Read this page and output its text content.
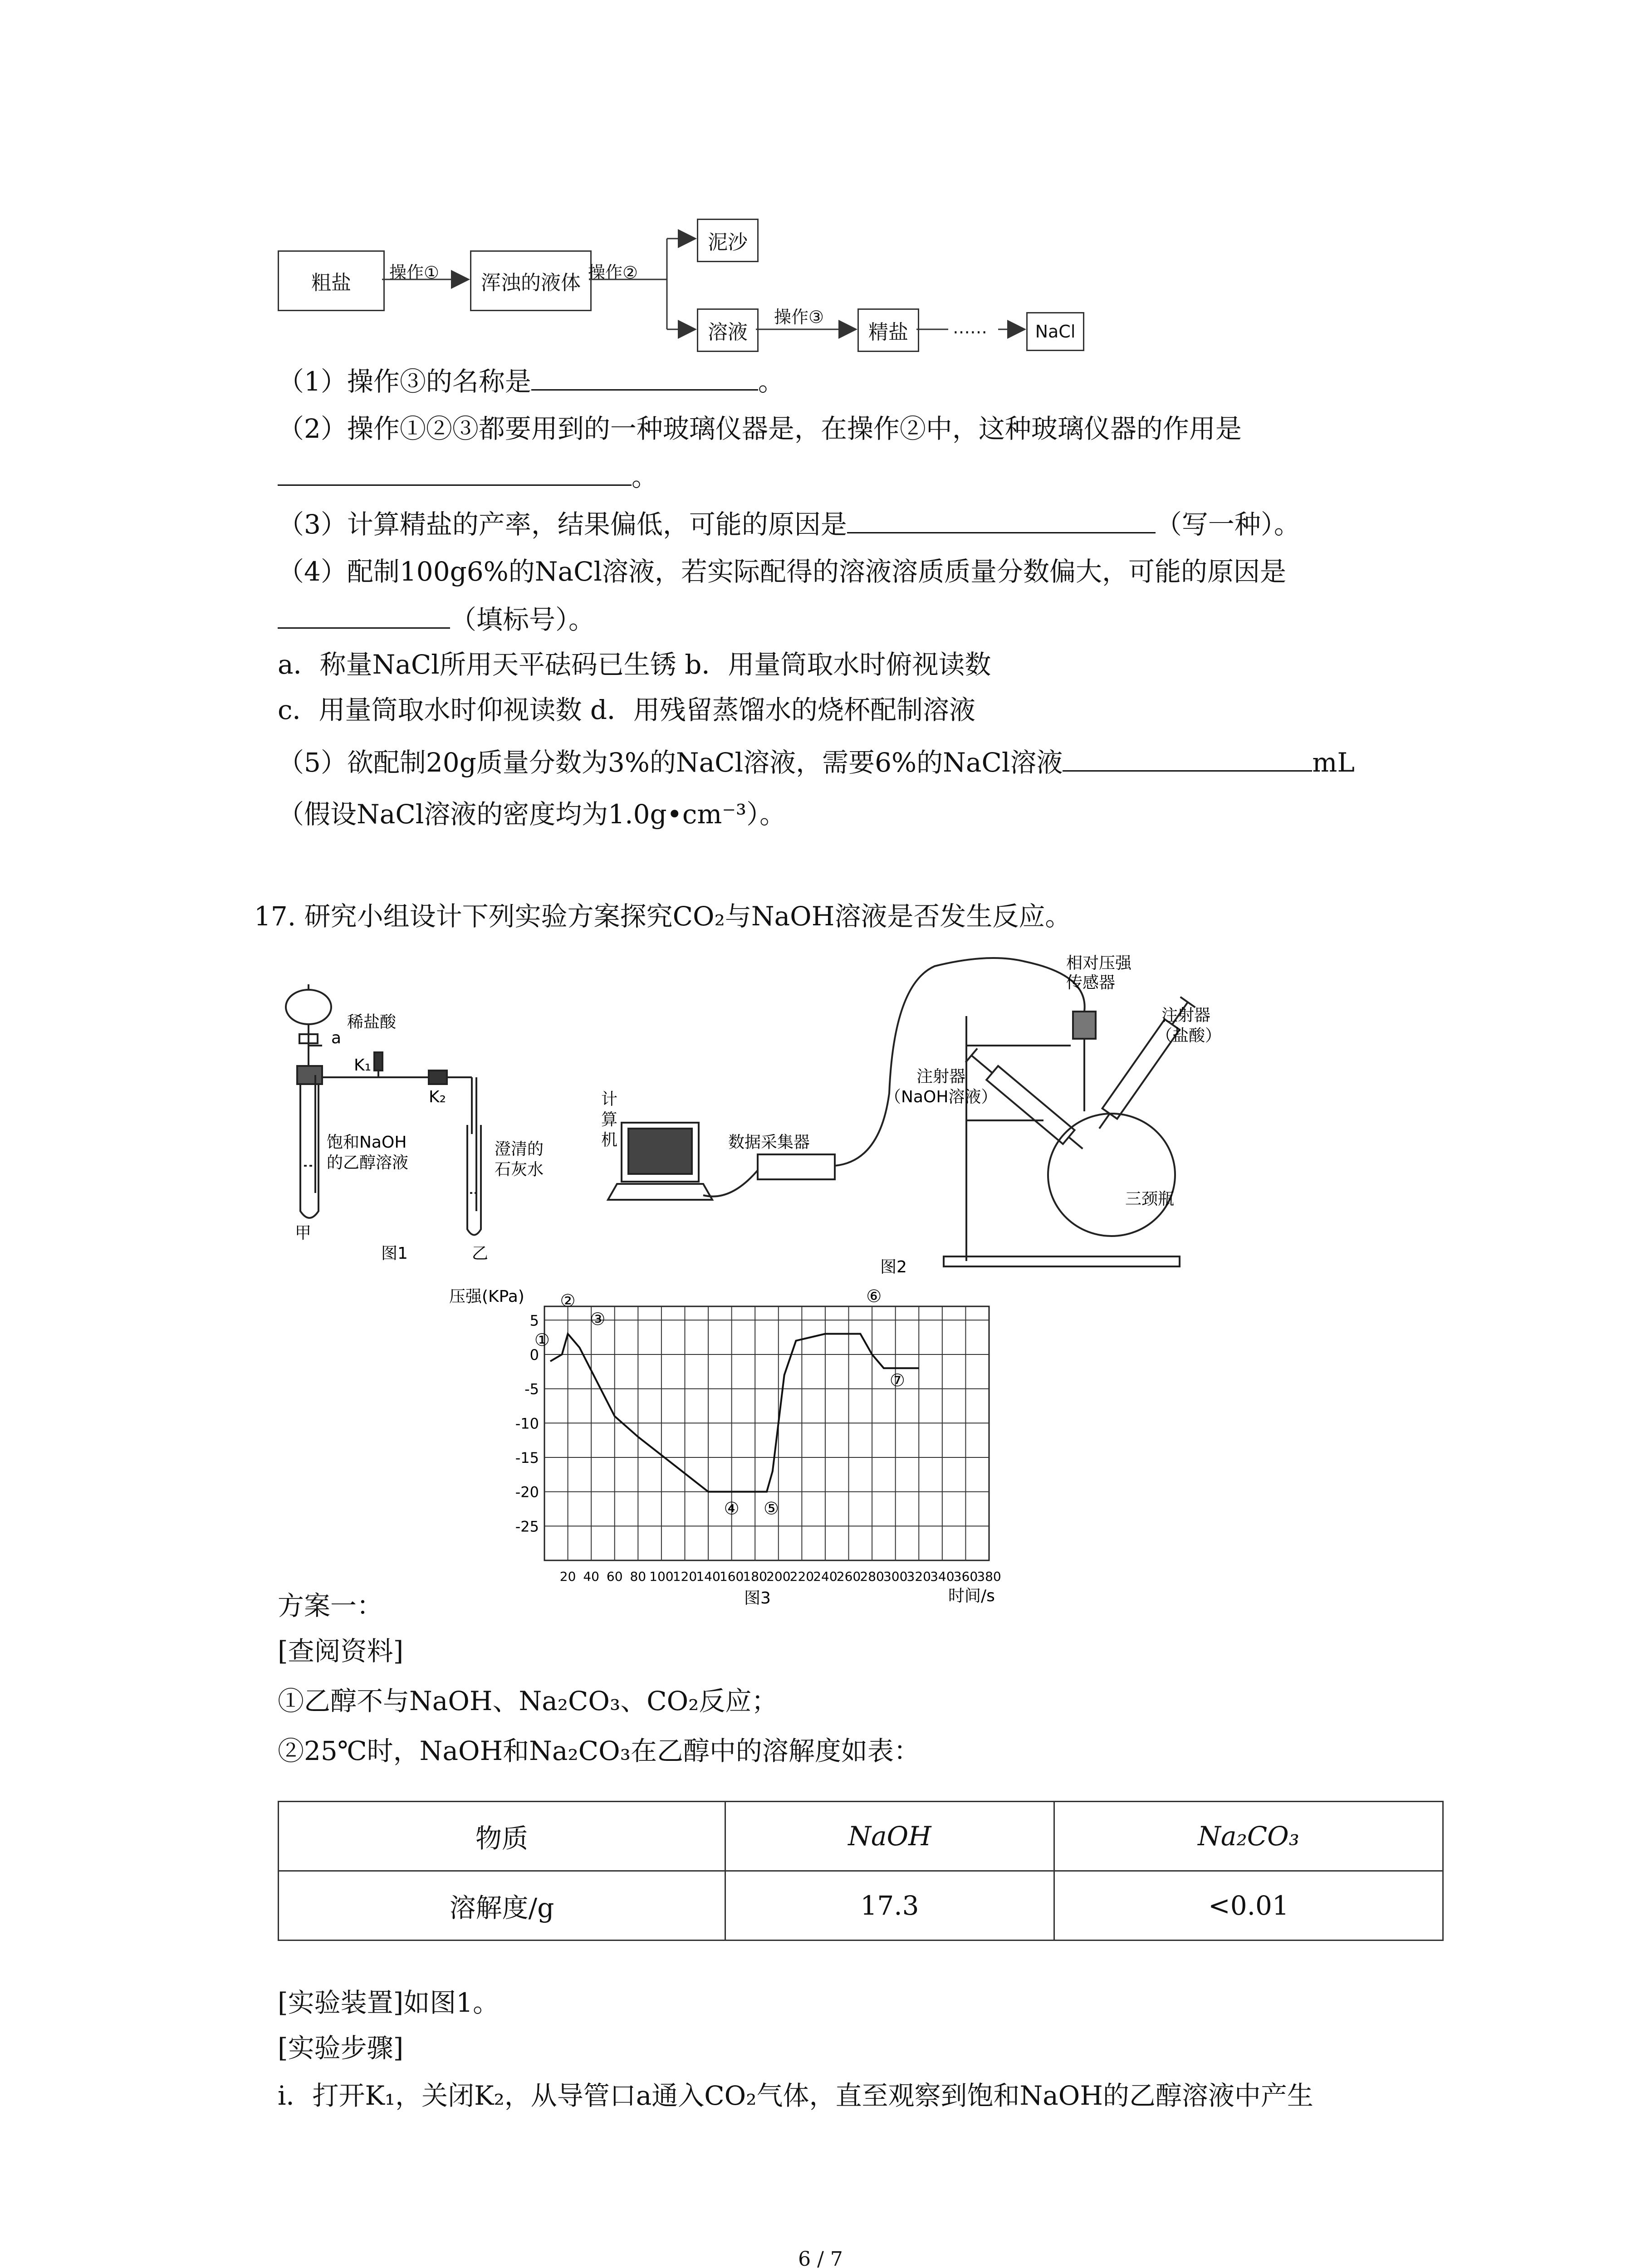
粗盐	浑浊的液体
泥沙
溶液	精盐	NaCl
操作①	操作②
操作③
……
（1）操作③的名称是	。
（2）操作①②③都要用到的一种玻璃仪器是，在操作②中，这种玻璃仪器的作用是
。
（3）计算精盐的产率，结果偏低，可能的原因是	（写一种）。
（4）配制100g6%的NaCl溶液，若实际配得的溶液溶质质量分数偏大，可能的原因是
（填标号）。
a．称量NaCl所用天平砝码已生锈 b．用量筒取水时俯视读数
c．用量筒取水时仰视读数 d．用残留蒸馏水的烧杯配制溶液
（5）欲配制20g质量分数为3%的NaCl溶液，需要6%的NaCl溶液	mL
（假设NaCl溶液的密度均为1.0g•cm⁻³）。
17. 研究小组设计下列实验方案探究CO₂与NaOH溶液是否发生反应。
稀盐酸
a
K₁
K₂
饱和NaOH
的乙醇溶液
澄清的
石灰水
甲
乙
图1
相对压强
传感器
注射器
（NaOH溶液）
注射器
（盐酸）
计
算
机	数据采集器
三颈瓶
图2
压强(KPa)
时间/s
图3
5
0
-5
-10
-15
-20
-25
20 40 60 80 100
120
140
160
180
200
220
240
260
280
300
320
340
360
380
①
②
③
④ ⑤
⑥
⑦
方案一：
[查阅资料]
①乙醇不与NaOH、Na₂CO₃、CO₂反应；
②25℃时，NaOH和Na₂CO₃在乙醇中的溶解度如表：
物质	NaOH	Na₂CO₃
溶解度/g	17.3	<0.01
[实验装置]如图1。
[实验步骤]
i．打开K₁，关闭K₂，从导管口a通入CO₂气体，直至观察到饱和NaOH的乙醇溶液中产生
6 / 7
